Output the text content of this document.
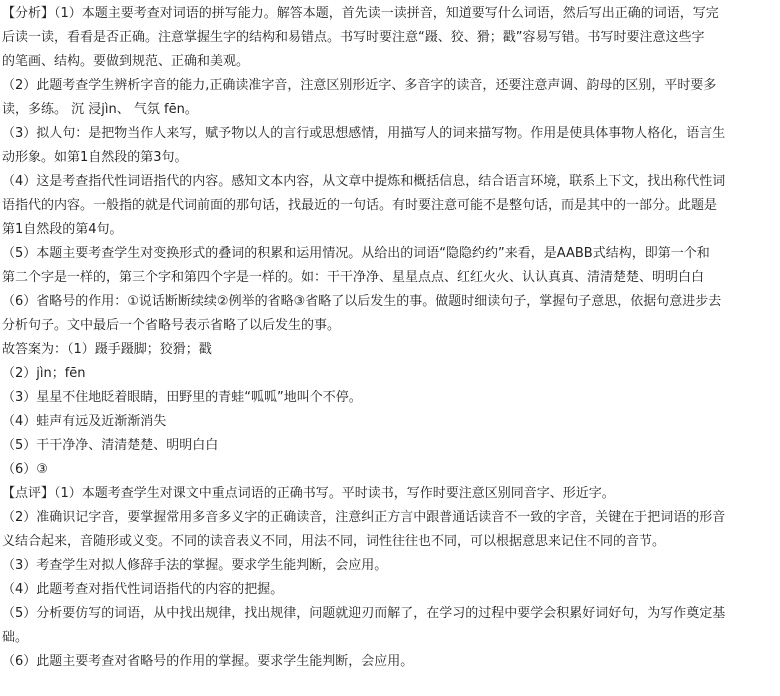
【分析】（1）本题主要考查对词语的拼写能力。解答本题，首先读一读拼音，知道要写什么词语，然后写出正确的词语，写完
后读一读，看看是否正确。注意掌握生字的结构和易错点。书写时要注意“蹑、狡、猾；戳”容易写错。书写时要注意这些字
的笔画、结构。要做到规范、正确和美观。
（2）此题考查学生辨析字音的能力,正确读准字音，注意区别形近字、多音字的读音，还要注意声调、韵母的区别，平时要多
读，多练。 沉 浸jìn、 气氛 fēn。
（3）拟人句：是把物当作人来写，赋予物以人的言行或思想感情，用描写人的词来描写物。作用是使具体事物人格化，语言生
动形象。如第1自然段的第3句。
（4）这是考查指代性词语指代的内容。感知文本内容，从文章中提炼和概括信息，结合语言环境，联系上下文，找出称代性词
语指代的内容。一般指的就是代词前面的那句话，找最近的一句话。有时要注意可能不是整句话，而是其中的一部分。此题是
第1自然段的第4句。
（5）本题主要考查学生对变换形式的叠词的积累和运用情况。从给出的词语“隐隐约约”来看，是AABB式结构，即第一个和
第二个字是一样的，第三个字和第四个字是一样的。如：干干净净、星星点点、红红火火、认认真真、清清楚楚、明明白白
（6）省略号的作用：①说话断断续续②例举的省略③省略了以后发生的事。做题时细读句子，掌握句子意思，依据句意进步去
分析句子。文中最后一个省略号表示省略了以后发生的事。
故答案为：（1）蹑手蹑脚；狡猾；戳
（2）jìn；fēn
（3）星星不住地眨着眼睛，田野里的青蛙“呱呱”地叫个不停。
（4）蛙声有远及近渐渐消失
（5）干干净净、清清楚楚、明明白白
（6）③
【点评】（1）本题考查学生对课文中重点词语的正确书写。平时读书，写作时要注意区别同音字、形近字。
（2）准确识记字音，要掌握常用多音多义字的正确读音，注意纠正方言中跟普通话读音不一致的字音，关键在于把词语的形音
义结合起来，音随形或义变。不同的读音表义不同，用法不同，词性往往也不同，可以根据意思来记住不同的音节。
（3）考查学生对拟人修辞手法的掌握。要求学生能判断，会应用。
（4）此题考查对指代性词语指代的内容的把握。
（5）分析要仿写的词语，从中找出规律，找出规律，问题就迎刃而解了，在学习的过程中要学会积累好词好句，为写作奠定基
础。
（6）此题主要考查对省略号的作用的掌握。要求学生能判断，会应用。
